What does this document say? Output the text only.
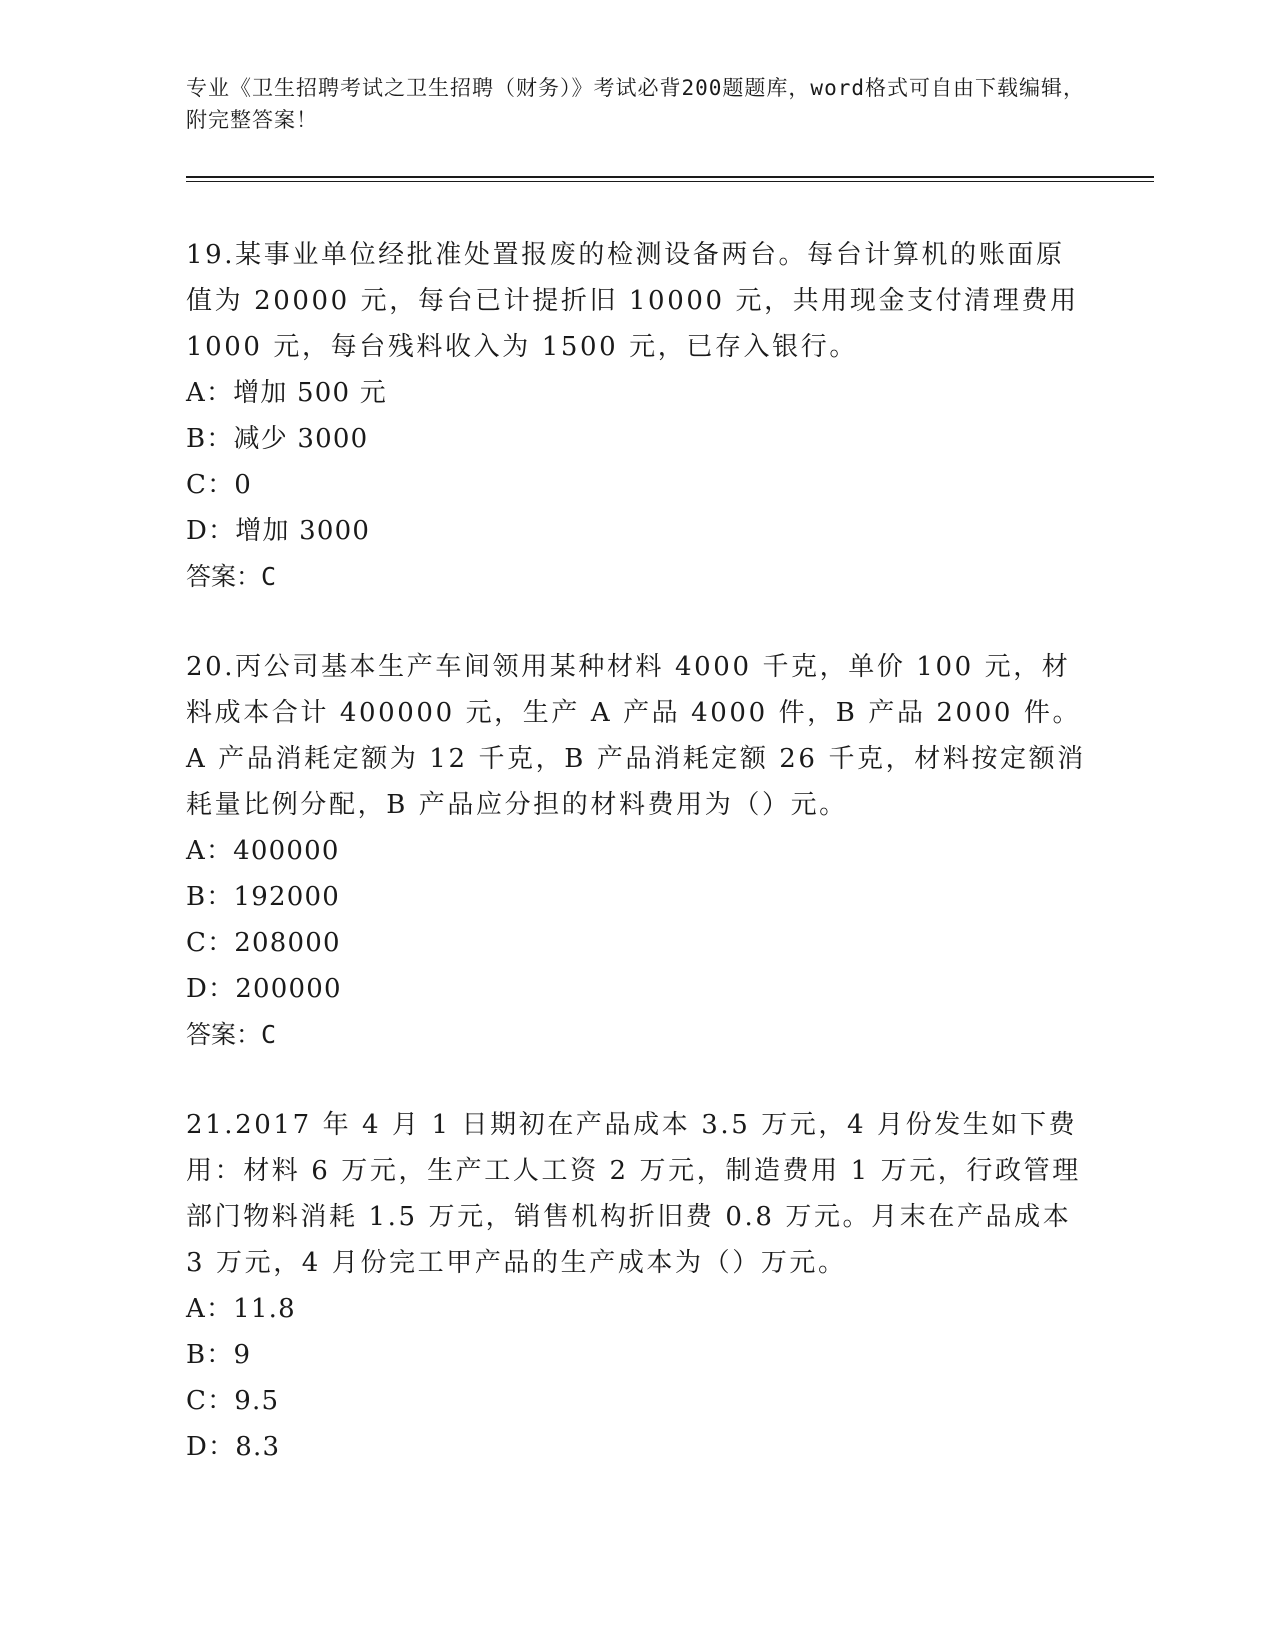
专业《卫生招聘考试之卫生招聘（财务）》考试必背200题题库，word格式可自由下载编辑，附完整答案！

19.某事业单位经批准处置报废的检测设备两台。每台计算机的账面原值为 20000 元，每台已计提折旧 10000 元，共用现金支付清理费用 1000 元，每台残料收入为 1500 元，已存入银行。

A：增加 500 元

B：减少 3000

C：0

D：增加 3000

答案：C

20.丙公司基本生产车间领用某种材料 4000 千克，单价 100 元，材料成本合计 400000 元，生产 A 产品 4000 件，B 产品 2000 件。A 产品消耗定额为 12 千克，B 产品消耗定额 26 千克，材料按定额消耗量比例分配，B 产品应分担的材料费用为（）元。

A：400000

B：192000

C：208000

D：200000

答案：C

21.2017 年 4 月 1 日期初在产品成本 3.5 万元，4 月份发生如下费用：材料 6 万元，生产工人工资 2 万元，制造费用 1 万元，行政管理部门物料消耗 1.5 万元，销售机构折旧费 0.8 万元。月末在产品成本 3 万元，4 月份完工甲产品的生产成本为（）万元。

A：11.8

B：9

C：9.5

D：8.3
